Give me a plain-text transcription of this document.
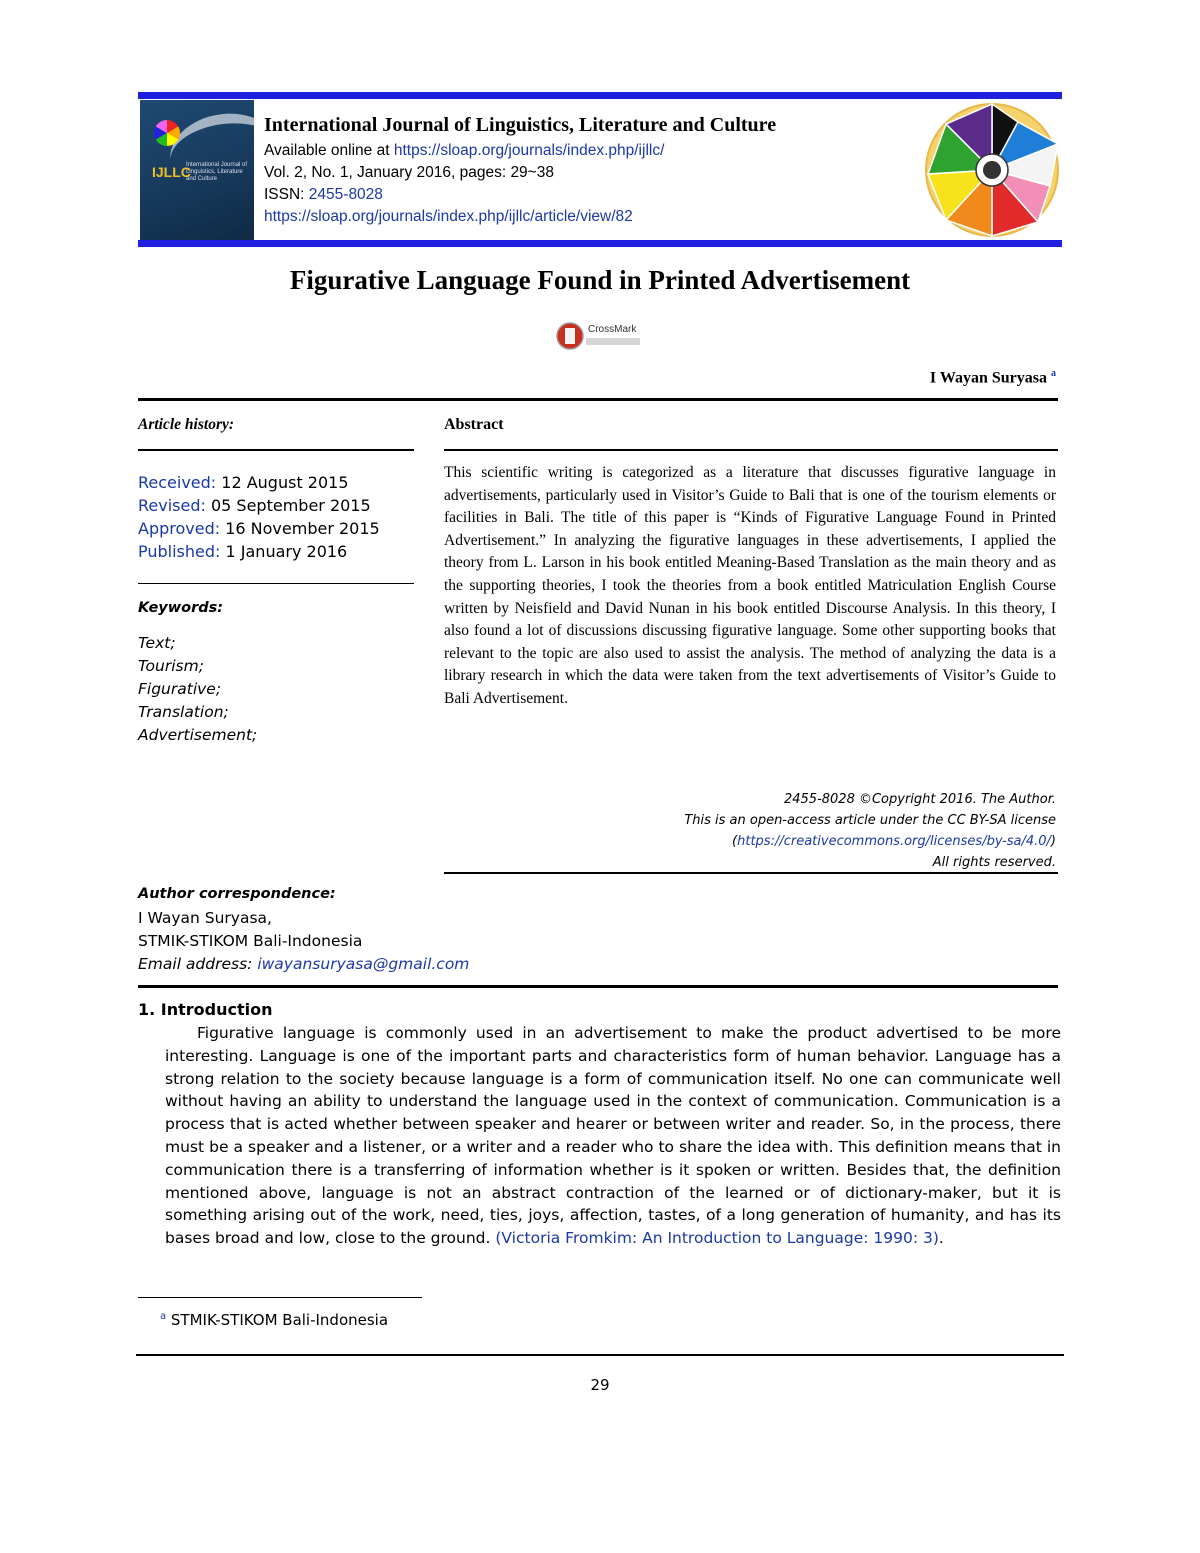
IJLLC
International Journal of Linguistics, Literature and Culture
International Journal of Linguistics, Literature and Culture
Available online at https://sloap.org/journals/index.php/ijllc/
Vol. 2, No. 1, January 2016, pages: 29~38
ISSN: 2455-8028
https://sloap.org/journals/index.php/ijllc/article/view/82
Figurative Language Found in Printed Advertisement
CrossMark
I Wayan Suryasa $^a$
Article history:
Received: 12 August 2015
Revised: 05 September 2015
Approved: 16 November 2015
Published: 1 January 2016
Keywords:
Text;
Tourism;
Figurative;
Translation;
Advertisement;
Abstract
This scientific writing is categorized as a literature that discusses figurative language in advertisements, particularly used in Visitor’s Guide to Bali that is one of the tourism elements or facilities in Bali. The title of this paper is “Kinds of Figurative Language Found in Printed Advertisement.” In analyzing the figurative languages in these advertisements, I applied the theory from L. Larson in his book entitled Meaning-Based Translation as the main theory and as the supporting theories, I took the theories from a book entitled Matriculation English Course written by Neisfield and David Nunan in his book entitled Discourse Analysis. In this theory, I also found a lot of discussions discussing figurative language. Some other supporting books that relevant to the topic are also used to assist the analysis. The method of analyzing the data is a library research in which the data were taken from the text advertisements of Visitor’s Guide to Bali Advertisement.
2455-8028 ©Copyright 2016. The Author.
This is an open-access article under the CC BY-SA license
(https://creativecommons.org/licenses/by-sa/4.0/)
All rights reserved.
Author correspondence:
I Wayan Suryasa,
STMIK-STIKOM Bali-Indonesia
Email address: iwayansuryasa@gmail.com
1. Introduction
Figurative language is commonly used in an advertisement to make the product advertised to be more interesting. Language is one of the important parts and characteristics form of human behavior. Language has a strong relation to the society because language is a form of communication itself. No one can communicate well without having an ability to understand the language used in the context of communication. Communication is a process that is acted whether between speaker and hearer or between writer and reader. So, in the process, there must be a speaker and a listener, or a writer and a reader who to share the idea with. This definition means that in communication there is a transferring of information whether is it spoken or written. Besides that, the definition mentioned above, language is not an abstract contraction of the learned or of dictionary-maker, but it is something arising out of the work, need, ties, joys, affection, tastes, of a long generation of humanity, and has its bases broad and low, close to the ground. (Victoria Fromkim: An Introduction to Language: 1990: 3).
$^a$ STMIK-STIKOM Bali-Indonesia
29
